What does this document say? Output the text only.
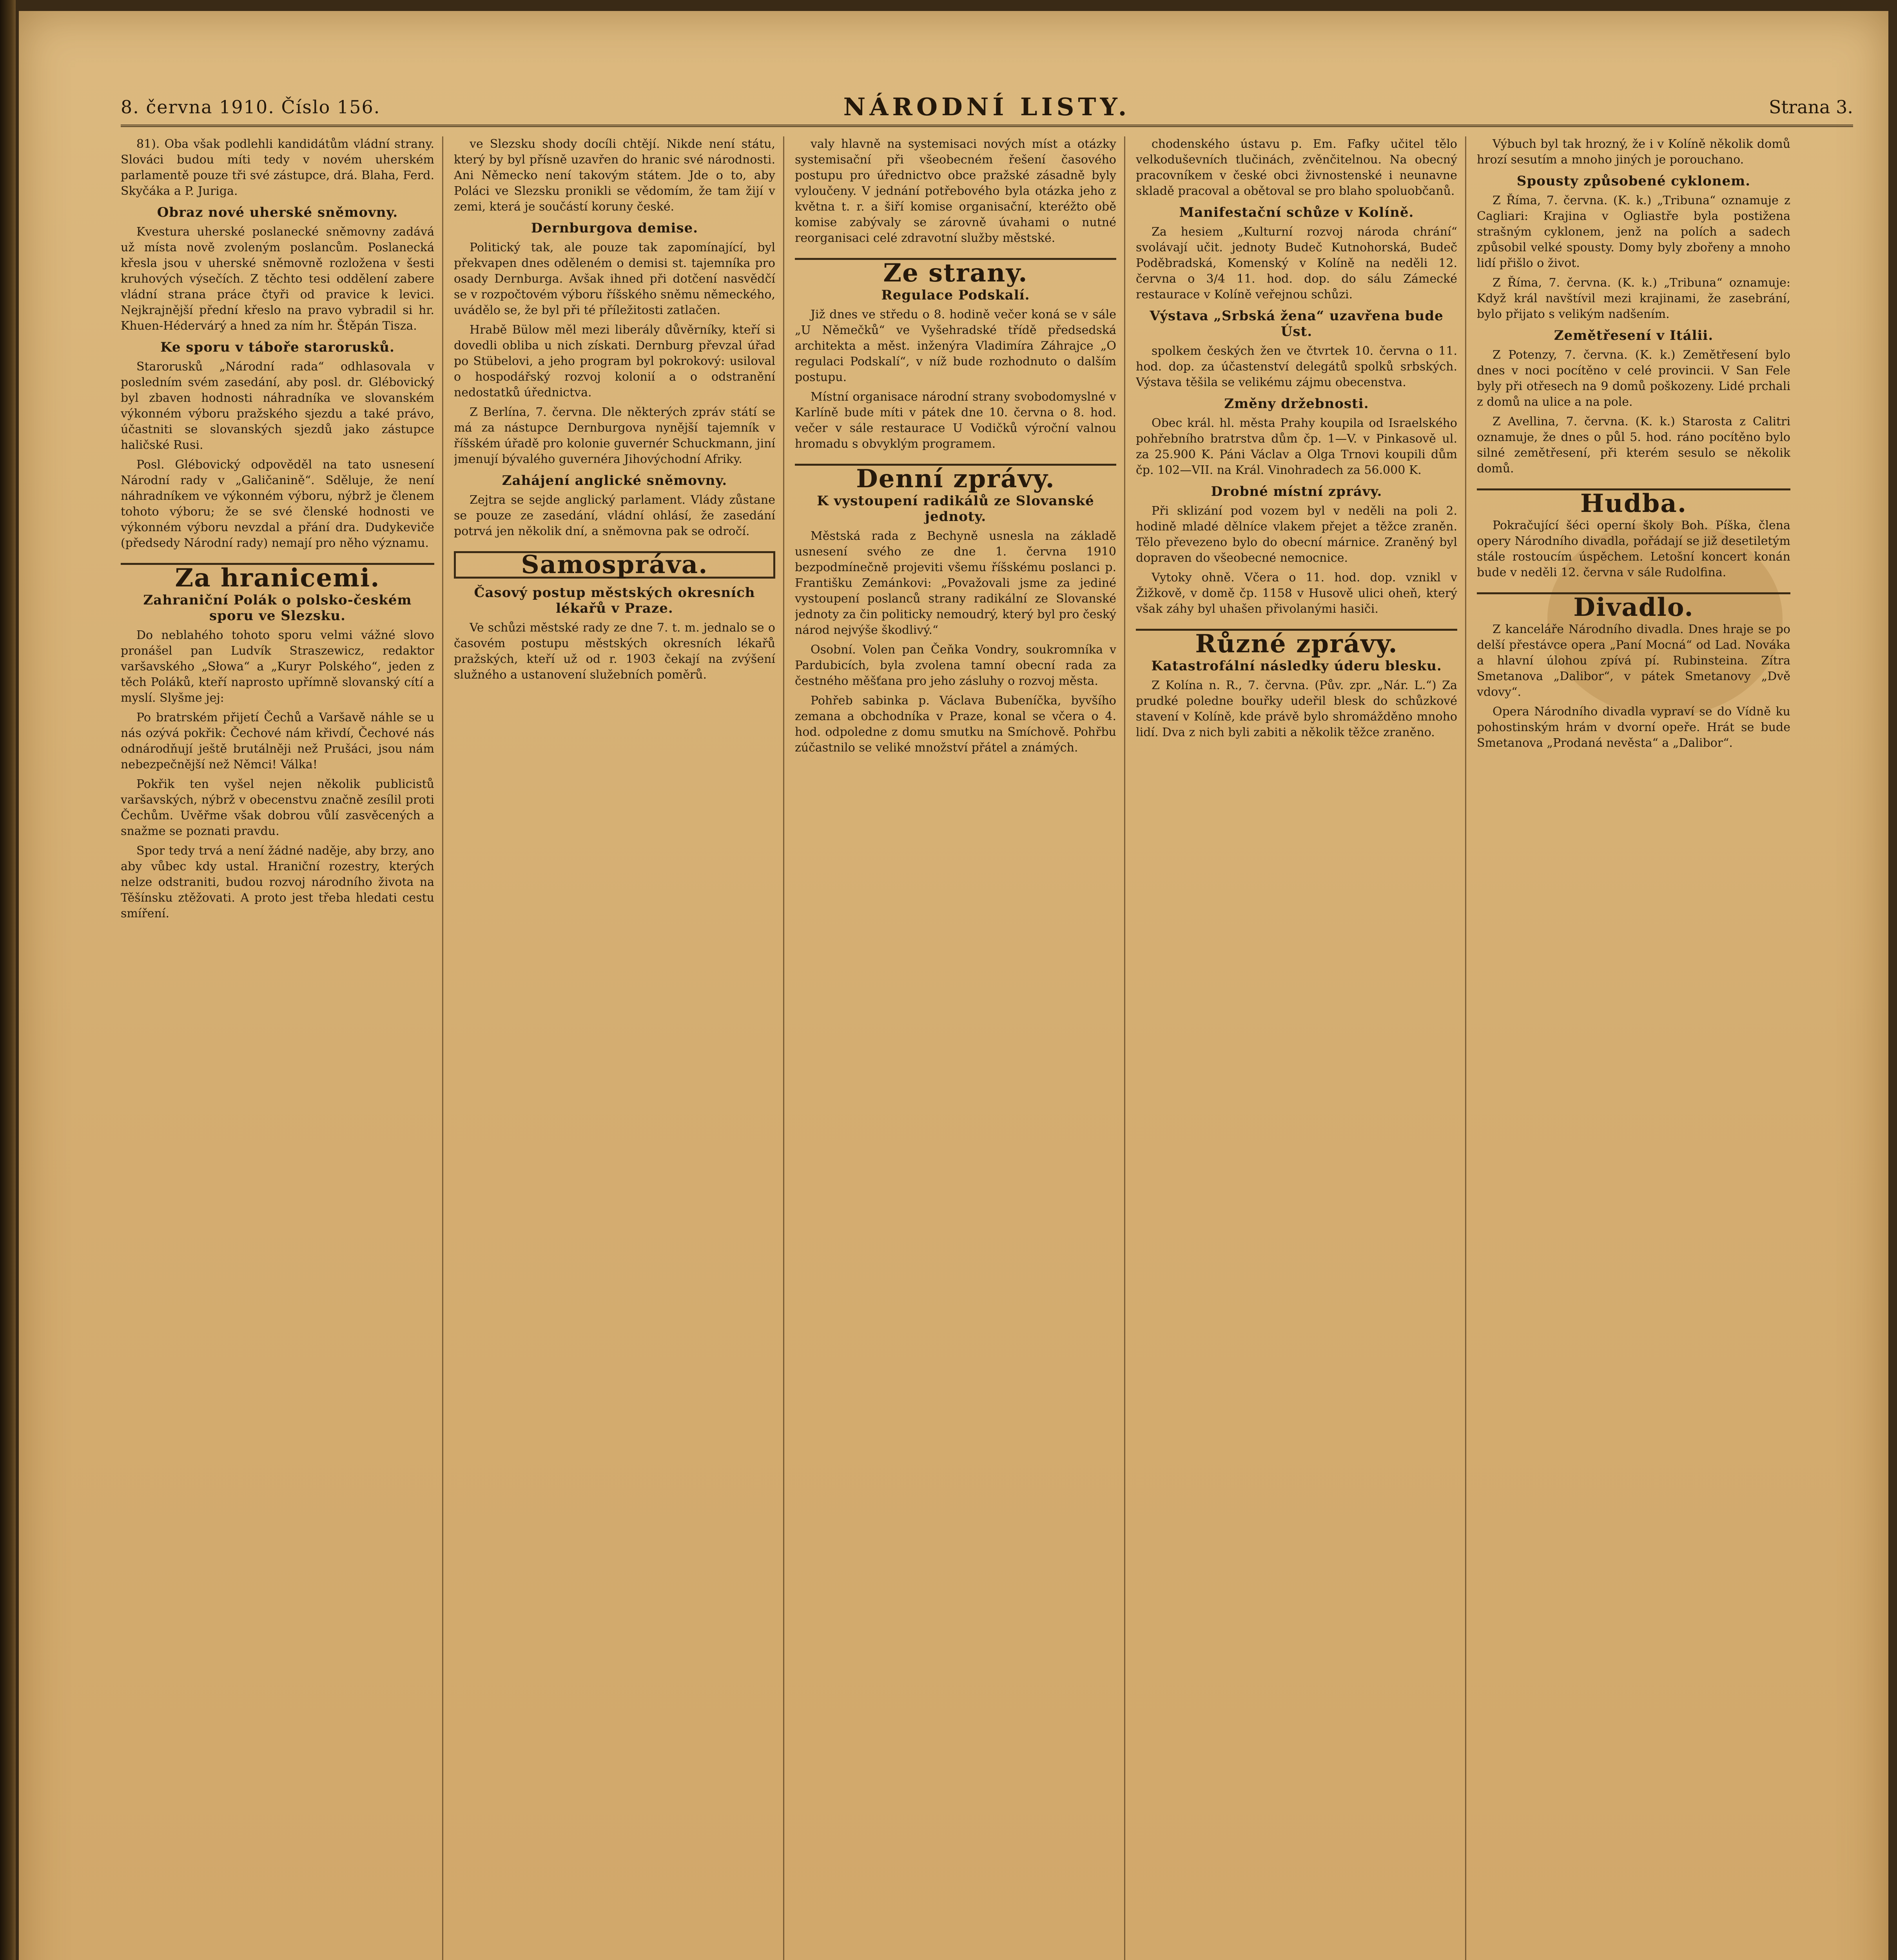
8. června 1910. Číslo 156.	NÁRODNÍ LISTY.	Strana 3.

81). Oba však podlehli kandidátům vládní strany. Slováci budou míti tedy v novém uherském parlamentě pouze tři své zástupce, drá. Blaha, Ferd. Skyčáka a P. Juriga.

Obraz nové uherské sněmovny.

Kvestura uherské poslanecké sněmovny zadává už místa nově zvoleným poslancům. Poslanecká křesla jsou v uherské sněmovně rozložena v šesti kruhových výsečích. Z těchto tesi oddělení zabere vládní strana práce čtyři od pravice k levici. Nejkrajnější přední křeslo na pravo vybradil si hr. Khuen-Hédervárý a hned za ním hr. Štěpán Tisza.

Ke sporu v táboře starorusků.

Starorusků „Národní rada“ odhlasovala v posledním svém zasedání, aby posl. dr. Glébovický byl zbaven hodnosti náhradníka ve slovanském výkonném výboru pražského sjezdu a také právo, účastniti se slovanských sjezdů jako zástupce haličské Rusi.

Posl. Glébovický odpověděl na tato usnesení Národní rady v „Galičanině“. Sděluje, že není náhradníkem ve výkonném výboru, nýbrž je členem tohoto výboru; že se své členské hodnosti ve výkonném výboru nevzdal a přání dra. Dudykeviče (předsedy Národní rady) nemají pro něho významu.

Za hranicemi.
Zahraniční Polák o polsko-českém sporu ve Slezsku.

Do neblahého tohoto sporu velmi vážné slovo pronášel pan Ludvík Straszewicz, redaktor varšavského „Słowa“ a „Kuryr Polského“, jeden z těch Poláků, kteří naprosto upřímně slovanský cítí a myslí. Slyšme jej:

Po bratrském přijetí Čechů a Varšavě náhle se u nás ozývá pokřik: Čechové nám křivdí, Čechové nás odnárodňují ještě brutálněji než Prušáci, jsou nám nebezpečnější než Němci! Válka!

Pokřik ten vyšel nejen několik publicistů varšavských, nýbrž v obecenstvu značně zesílil proti Čechům. Uvěřme však dobrou vůlí zasvěcených a snažme se poznati pravdu.

Spor tedy trvá a není žádné naděje, aby brzy, ano aby vůbec kdy ustal. Hraniční rozestry, kterých nelze odstraniti, budou rozvoj národního života na Těšínsku ztěžovati. A proto jest třeba hledati cestu smíření.

ve Slezsku shody docíli chtějí. Nikde není státu, který by byl přísně uzavřen do hranic své národnosti. Ani Německo není takovým státem. Jde o to, aby Poláci ve Slezsku pronikli se vědomím, že tam žijí v zemi, která je součástí koruny české.

Dernburgova demise.

Politický tak, ale pouze tak zapomínající, byl překvapen dnes oděleném o demisi st. tajemníka pro osady Dernburga. Avšak ihned při dotčení nasvědčí se v rozpočtovém výboru říšského sněmu německého, uvádělo se, že byl při té příležitosti zatlačen.

Hrabě Bülow měl mezi liberály důvěrníky, kteří si dovedli obliba u nich získati. Dernburg převzal úřad po Stübelovi, a jeho program byl pokrokový: usiloval o hospodářský rozvoj kolonií a o odstranění nedostatků úřednictva.

Z Berlína, 7. června. Dle některých zpráv státí se má za nástupce Dernburgova nynější tajemník v říšském úřadě pro kolonie guvernér Schuckmann, jiní jmenují bývalého guvernéra Jihovýchodní Afriky.

Zahájení anglické sněmovny.

Zejtra se sejde anglický parlament. Vlády zůstane se pouze ze zasedání, vládní ohlásí, že zasedání potrvá jen několik dní, a sněmovna pak se odročí.

Samospráva.
Časový postup městských okresních lékařů v Praze.

Ve schůzi městské rady ze dne 7. t. m. jednalo se o časovém postupu městských okresních lékařů pražských, kteří už od r. 1903 čekají na zvýšení služného a ustanovení služebních poměrů.

valy hlavně na systemisaci nových míst a otázky systemisační při všeobecném řešení časového postupu pro úřednictvo obce pražské zásadně byly vyloučeny. V jednání potřebového byla otázka jeho z května t. r. a šiří komise organisační, kteréžto obě komise zabývaly se zárovně úvahami o nutné reorganisaci celé zdravotní služby městské.

Ze strany.
Regulace Podskalí.

Již dnes ve středu o 8. hodině večer koná se v sále „U Němečků“ ve Vyšehradské třídě předsedská architekta a měst. inženýra Vladimíra Záhrajce „O regulaci Podskalí“, v níž bude rozhodnuto o dalším postupu.

Místní organisace národní strany svobodomyslné v Karlíně bude míti v pátek dne 10. června o 8. hod. večer v sále restaurace U Vodičků výroční valnou hromadu s obvyklým programem.

Denní zprávy.
K vystoupení radikálů ze Slovanské jednoty.

Městská rada z Bechyně usnesla na základě usnesení svého ze dne 1. června 1910 bezpodmínečně projeviti všemu říšskému poslanci p. Františku Zemánkovi: „Považovali jsme za jediné vystoupení poslanců strany radikální ze Slovanské jednoty za čin politicky nemoudrý, který byl pro český národ nejvýše škodlivý.“

Osobní. Volen pan Čeňka Vondry, soukromníka v Pardubicích, byla zvolena tamní obecní rada za čestného měšťana pro jeho zásluhy o rozvoj města.

Pohřeb sabinka p. Václava Bubeníčka, byvšího zemana a obchodníka v Praze, konal se včera o 4. hod. odpoledne z domu smutku na Smíchově. Pohřbu zúčastnilo se veliké množství přátel a známých.

chodenského ústavu p. Em. Fafky učitel tělo velkoduševních tlučinách, zvěnčitelnou. Na obecný pracovníkem v české obci živnostenské i neunavne skladě pracoval a obětoval se pro blaho spoluobčanů.

Manifestační schůze v Kolíně.

Za hesiem „Kulturní rozvoj národa chrání“ svolávají učit. jednoty Budeč Kutnohorská, Budeč Poděbradská, Komenský v Kolíně na neděli 12. června o 3/4 11. hod. dop. do sálu Zámecké restaurace v Kolíně veřejnou schůzi.

Výstava „Srbská žena“ uzavřena bude Úst.

spolkem českých žen ve čtvrtek 10. června o 11. hod. dop. za účastenství delegátů spolků srbských. Výstava těšila se velikému zájmu obecenstva.

Změny držebnosti.

Obec král. hl. města Prahy koupila od Israelského pohřebního bratrstva dům čp. 1—V. v Pinkasově ul. za 25.900 K. Páni Václav a Olga Trnovi koupili dům čp. 102—VII. na Král. Vinohradech za 56.000 K.

Drobné místní zprávy.

Při sklizání pod vozem byl v neděli na poli 2. hodině mladé dělníce vlakem přejet a těžce zraněn. Tělo převezeno bylo do obecní márnice. Zraněný byl dopraven do všeobecné nemocnice.

Vytoky ohně. Včera o 11. hod. dop. vznikl v Žižkově, v domě čp. 1158 v Husově ulici oheň, který však záhy byl uhašen přivolanými hasiči.

Různé zprávy.
Katastrofální následky úderu blesku.

Z Kolína n. R., 7. června. (Pův. zpr. „Nár. L.“) Za prudké poledne bouřky udeřil blesk do schůzkové stavení v Kolíně, kde právě bylo shromážděno mnoho lidí. Dva z nich byli zabiti a několik těžce zraněno.

Výbuch byl tak hrozný, že i v Kolíně několik domů hrozí sesutím a mnoho jiných je porouchano.

Spousty způsobené cyklonem.

Z Říma, 7. června. (K. k.) „Tribuna“ oznamuje z Cagliari: Krajina v Ogliastře byla postižena strašným cyklonem, jenž na polích a sadech způsobil velké spousty. Domy byly zbořeny a mnoho lidí přišlo o život.

Z Říma, 7. června. (K. k.) „Tribuna“ oznamuje: Když král navštívil mezi krajinami, že zasebrání, bylo přijato s velikým nadšením.

Zemětřesení v Itálii.

Z Potenzy, 7. června. (K. k.) Zemětřesení bylo dnes v noci pocítěno v celé provincii. V San Fele byly při otřesech na 9 domů poškozeny. Lidé prchali z domů na ulice a na pole.

Z Avellina, 7. června. (K. k.) Starosta z Calitri oznamuje, že dnes o půl 5. hod. ráno pocítěno bylo silné zemětřesení, při kterém sesulo se několik domů.

Hudba.

Pokračující šéci operní školy Boh. Píška, člena opery Národního divadla, pořádají se již desetiletým stále rostoucím úspěchem. Letošní koncert konán bude v neděli 12. června v sále Rudolfina.

Divadlo.

Z kanceláře Národního divadla. Dnes hraje se po delší přestávce opera „Paní Mocná“ od Lad. Nováka a hlavní úlohou zpívá pí. Rubinsteina. Zítra Smetanova „Dalibor“, v pátek Smetanovy „Dvě vdovy“.

Opera Národního divadla vypraví se do Vídně ku pohostinským hrám v dvorní opeře. Hrát se bude Smetanova „Prodaná nevěsta“ a „Dalibor“.
